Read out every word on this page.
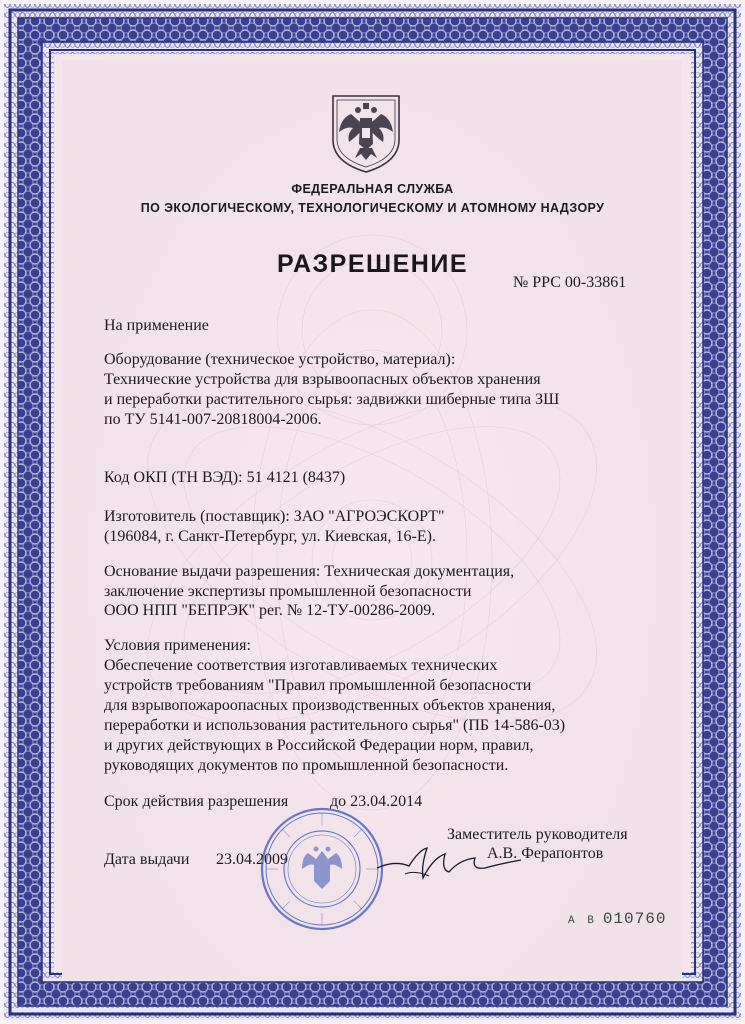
ФЕДЕРАЛЬНАЯ СЛУЖБА
ПО ЭКОЛОГИЧЕСКОМУ, ТЕХНОЛОГИЧЕСКОМУ И АТОМНОМУ НАДЗОРУ
РАЗРЕШЕНИЕ
№ РРС 00-33861
На применение
Оборудование (техническое устройство, материал):
Технические устройства для взрывоопасных объектов хранения
и переработки растительного сырья: задвижки шиберные типа ЗШ
по ТУ 5141-007-20818004-2006.
Код ОКП (ТН ВЭД): 51 4121 (8437)
Изготовитель (поставщик): ЗАО "АГРОЭСКОРТ"
(196084, г. Санкт-Петербург, ул. Киевская, 16-Е).
Основание выдачи разрешения: Техническая документация,
заключение экспертизы промышленной безопасности
ООО НПП "БЕПРЭК" рег. № 12-ТУ-00286-2009.
Условия применения:
Обеспечение соответствия изготавливаемых технических
устройств требованиям "Правил промышленной безопасности
для взрывопожароопасных производственных объектов хранения,
переработки и использования растительного сырья" (ПБ 14-586-03)
и других действующих в Российской Федерации норм, правил,
руководящих документов по промышленной безопасности.
Срок действия разрешения	до 23.04.2014
Заместитель руководителя
А.В. Ферапонтов
Дата выдачи 23.04.2009
А В 010760
